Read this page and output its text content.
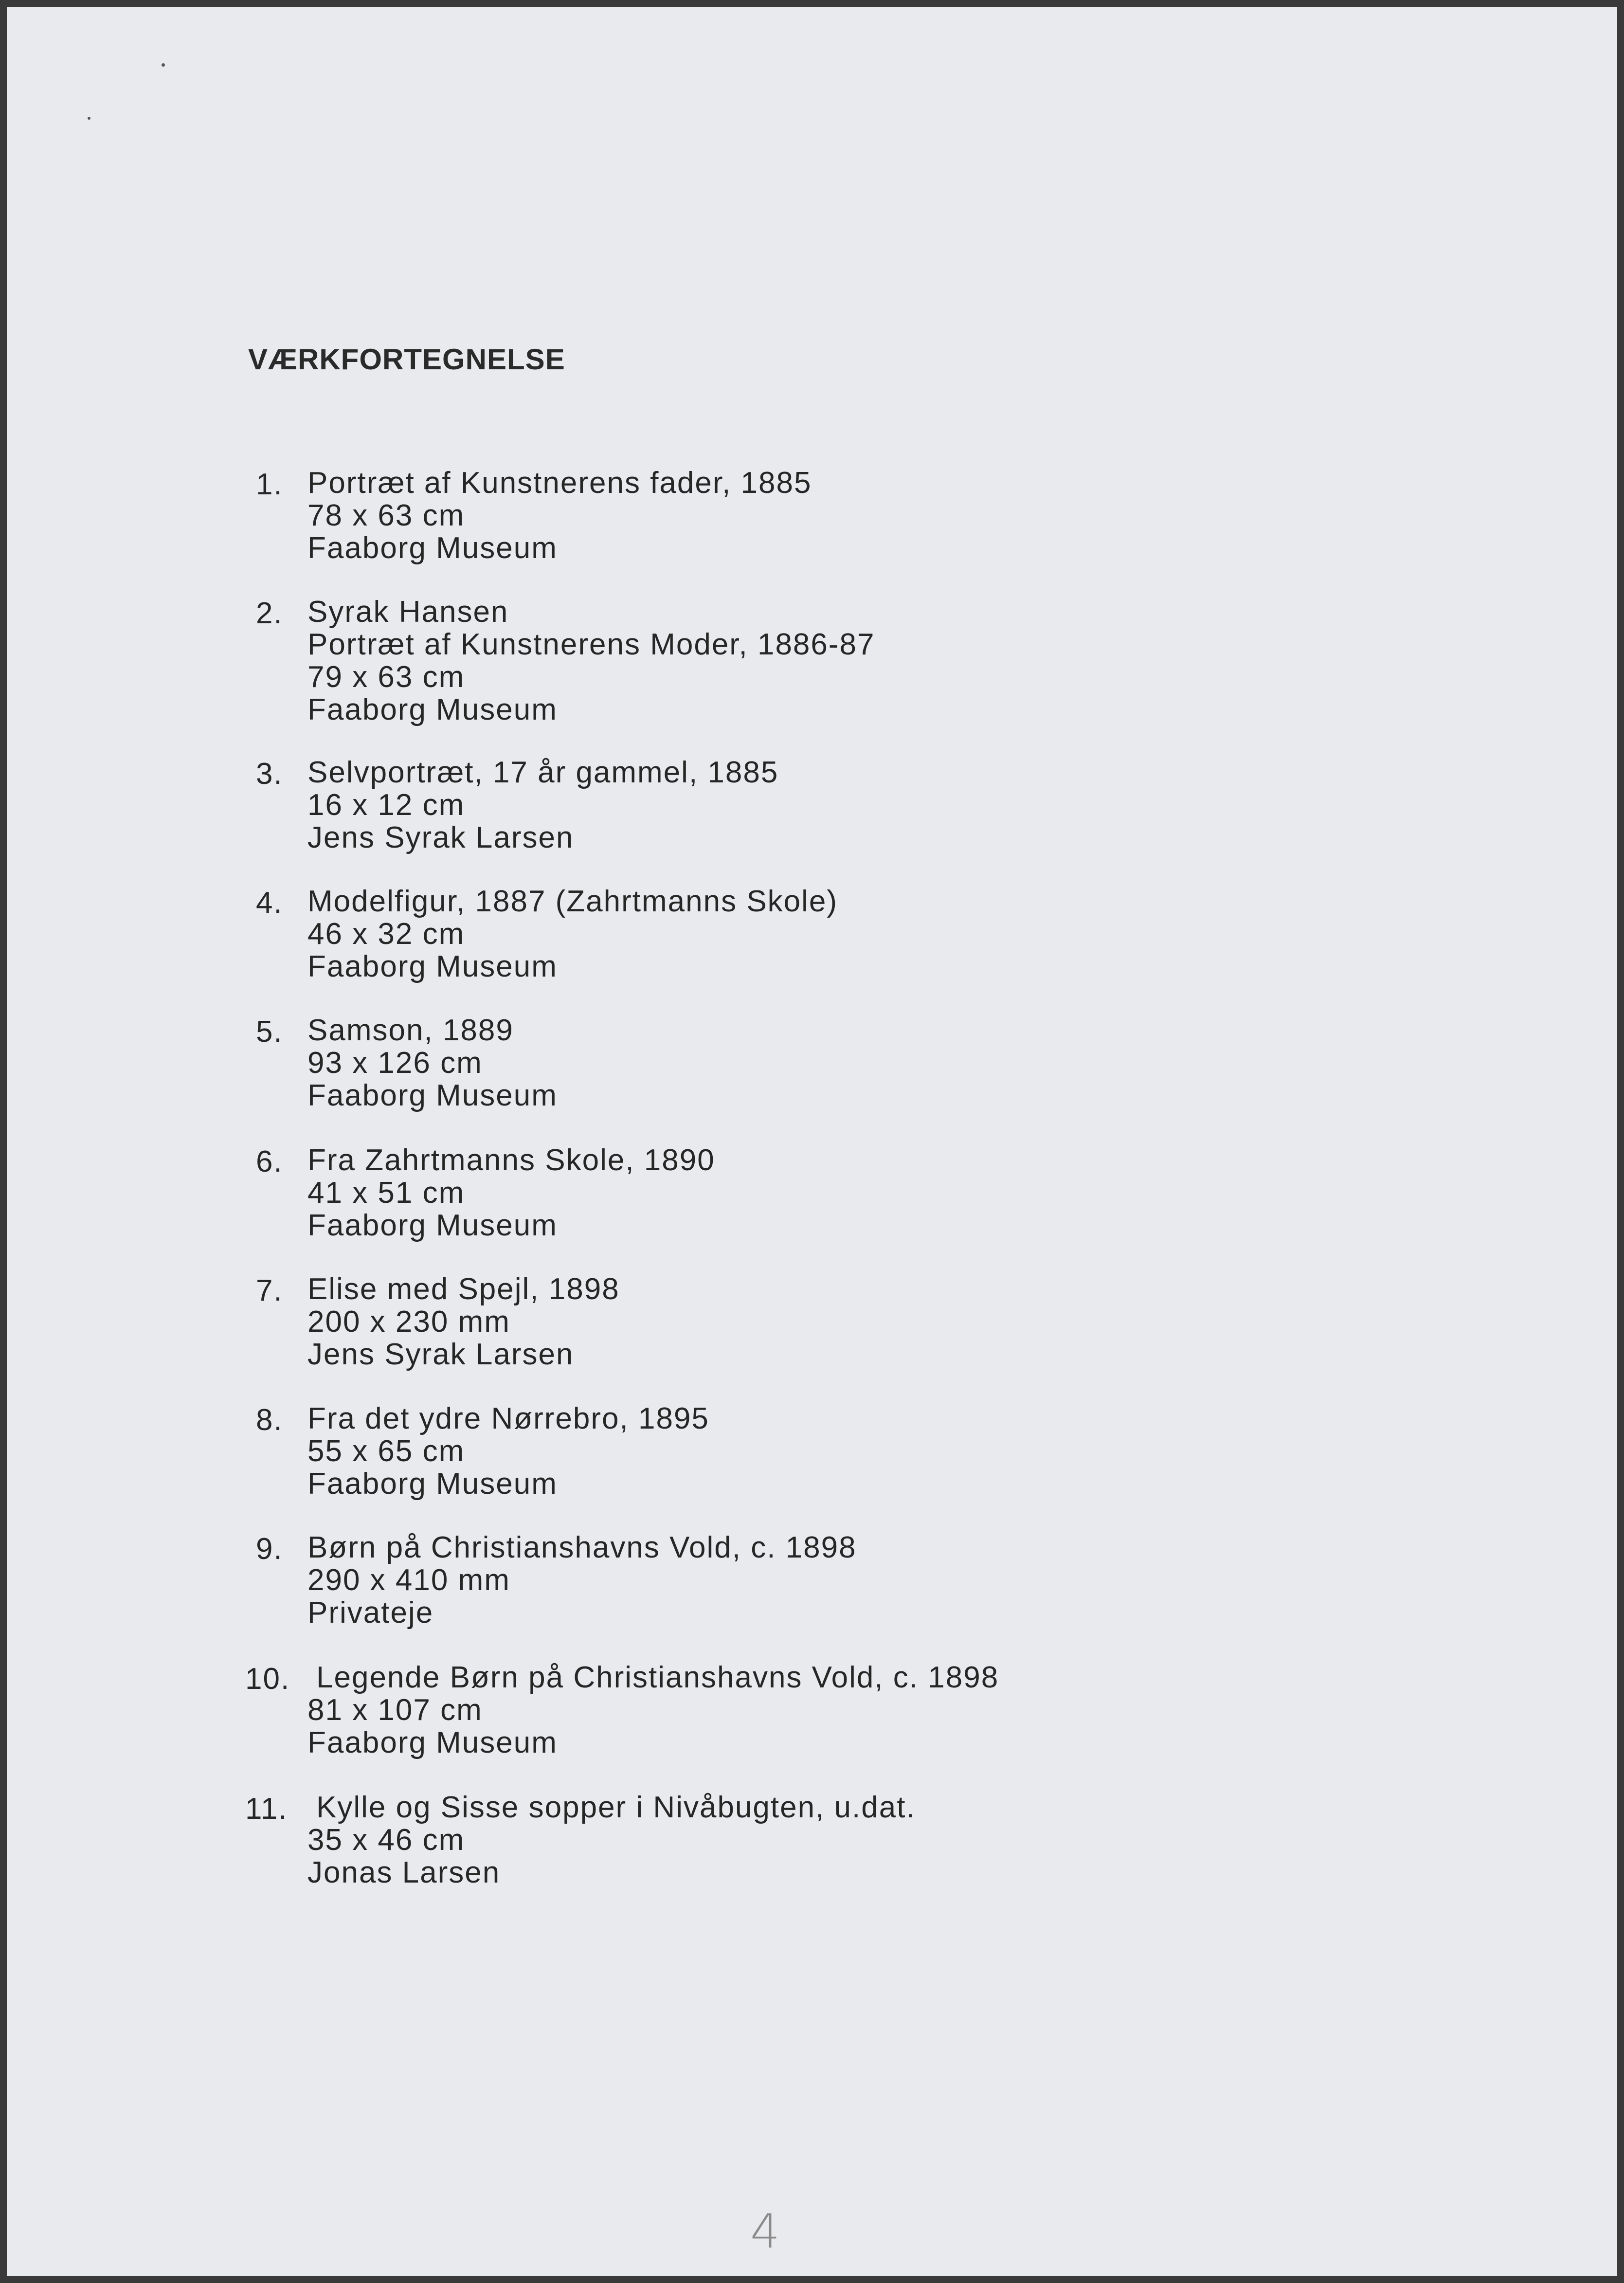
VÆRKFORTEGNELSE
1. Portræt af Kunstnerens fader, 1885
78 x 63 cm
Faaborg Museum
2. Syrak Hansen
Portræt af Kunstnerens Moder, 1886-87
79 x 63 cm
Faaborg Museum
3. Selvportræt, 17 år gammel, 1885
16 x 12 cm
Jens Syrak Larsen
4. Modelfigur, 1887 (Zahrtmanns Skole)
46 x 32 cm
Faaborg Museum
5. Samson, 1889
93 x 126 cm
Faaborg Museum
6. Fra Zahrtmanns Skole, 1890
41 x 51 cm
Faaborg Museum
7. Elise med Spejl, 1898
200 x 230 mm
Jens Syrak Larsen
8. Fra det ydre Nørrebro, 1895
55 x 65 cm
Faaborg Museum
9. Børn på Christianshavns Vold, c. 1898
290 x 410 mm
Privateje
10. Legende Børn på Christianshavns Vold, c. 1898
81 x 107 cm
Faaborg Museum
11. Kylle og Sisse sopper i Nivåbugten, u.dat.
35 x 46 cm
Jonas Larsen
4
